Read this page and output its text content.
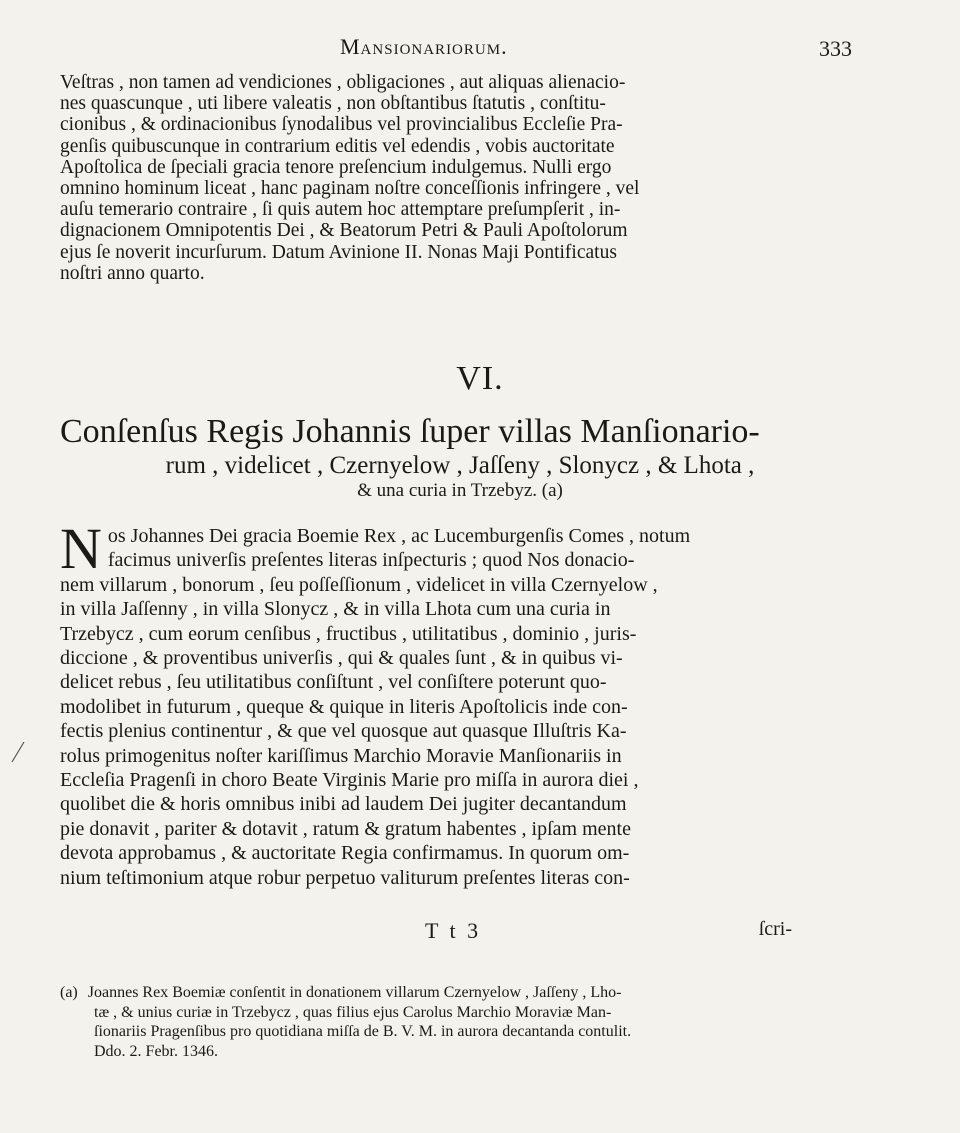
Mansionariorum.	333
Veſtras , non tamen ad vendiciones , obligaciones , aut aliquas alienacio-
nes quascunque , uti libere valeatis , non obſtantibus ſtatutis , conſtitu-
cionibus , & ordinacionibus ſynodalibus vel provincialibus Eccleſie Pra-
genſis quibuscunque in contrarium editis vel edendis , vobis auctoritate
Apoſtolica de ſpeciali gracia tenore preſencium indulgemus. Nulli ergo
omnino hominum liceat , hanc paginam noſtre conceſſionis infringere , vel
auſu temerario contraire , ſi quis autem hoc attemptare preſumpſerit , in-
dignacionem Omnipotentis Dei , & Beatorum Petri & Pauli Apoſtolorum
ejus ſe noverit incurſurum. Datum Avinione II. Nonas Maji Pontificatus
noſtri anno quarto.
VI.
Conſenſus Regis Johannis ſuper villas Manſionario-
rum , videlicet , Czernyelow , Jaſſeny , Slonycz , & Lhota ,
& una curia in Trzebyz. (a)
N os Johannes Dei gracia Boemie Rex , ac Lucemburgenſis Comes , notum
facimus univerſis preſentes literas inſpecturis ; quod Nos donacio-
nem villarum , bonorum , ſeu poſſeſſionum , videlicet in villa Czernyelow ,
in villa Jaſſenny , in villa Slonycz , & in villa Lhota cum una curia in
Trzebycz , cum eorum cenſibus , fructibus , utilitatibus , dominio , juris-
diccione , & proventibus univerſis , qui & quales ſunt , & in quibus vi-
delicet rebus , ſeu utilitatibus conſiſtunt , vel conſiſtere poterunt quo-
modolibet in futurum , queque & quique in literis Apoſtolicis inde con-
fectis plenius continentur , & que vel quosque aut quasque Illuſtris Ka-
rolus primogenitus noſter kariſſimus Marchio Moravie Manſionariis in
Eccleſia Pragenſi in choro Beate Virginis Marie pro miſſa in aurora diei ,
quolibet die & horis omnibus inibi ad laudem Dei jugiter decantandum
pie donavit , pariter & dotavit , ratum & gratum habentes , ipſam mente
devota approbamus , & auctoritate Regia confirmamus. In quorum om-
nium teſtimonium atque robur perpetuo valiturum preſentes literas con-
T t 3	ſcri-
(a) Joannes Rex Boemiæ conſentit in donationem villarum Czernyelow , Jaſſeny , Lho-
tæ , & unius curiæ in Trzebycz , quas filius ejus Carolus Marchio Moraviæ Man-
ſionariis Pragenſibus pro quotidiana miſſa de B. V. M. in aurora decantanda contulit.
Ddo. 2. Febr. 1346.
